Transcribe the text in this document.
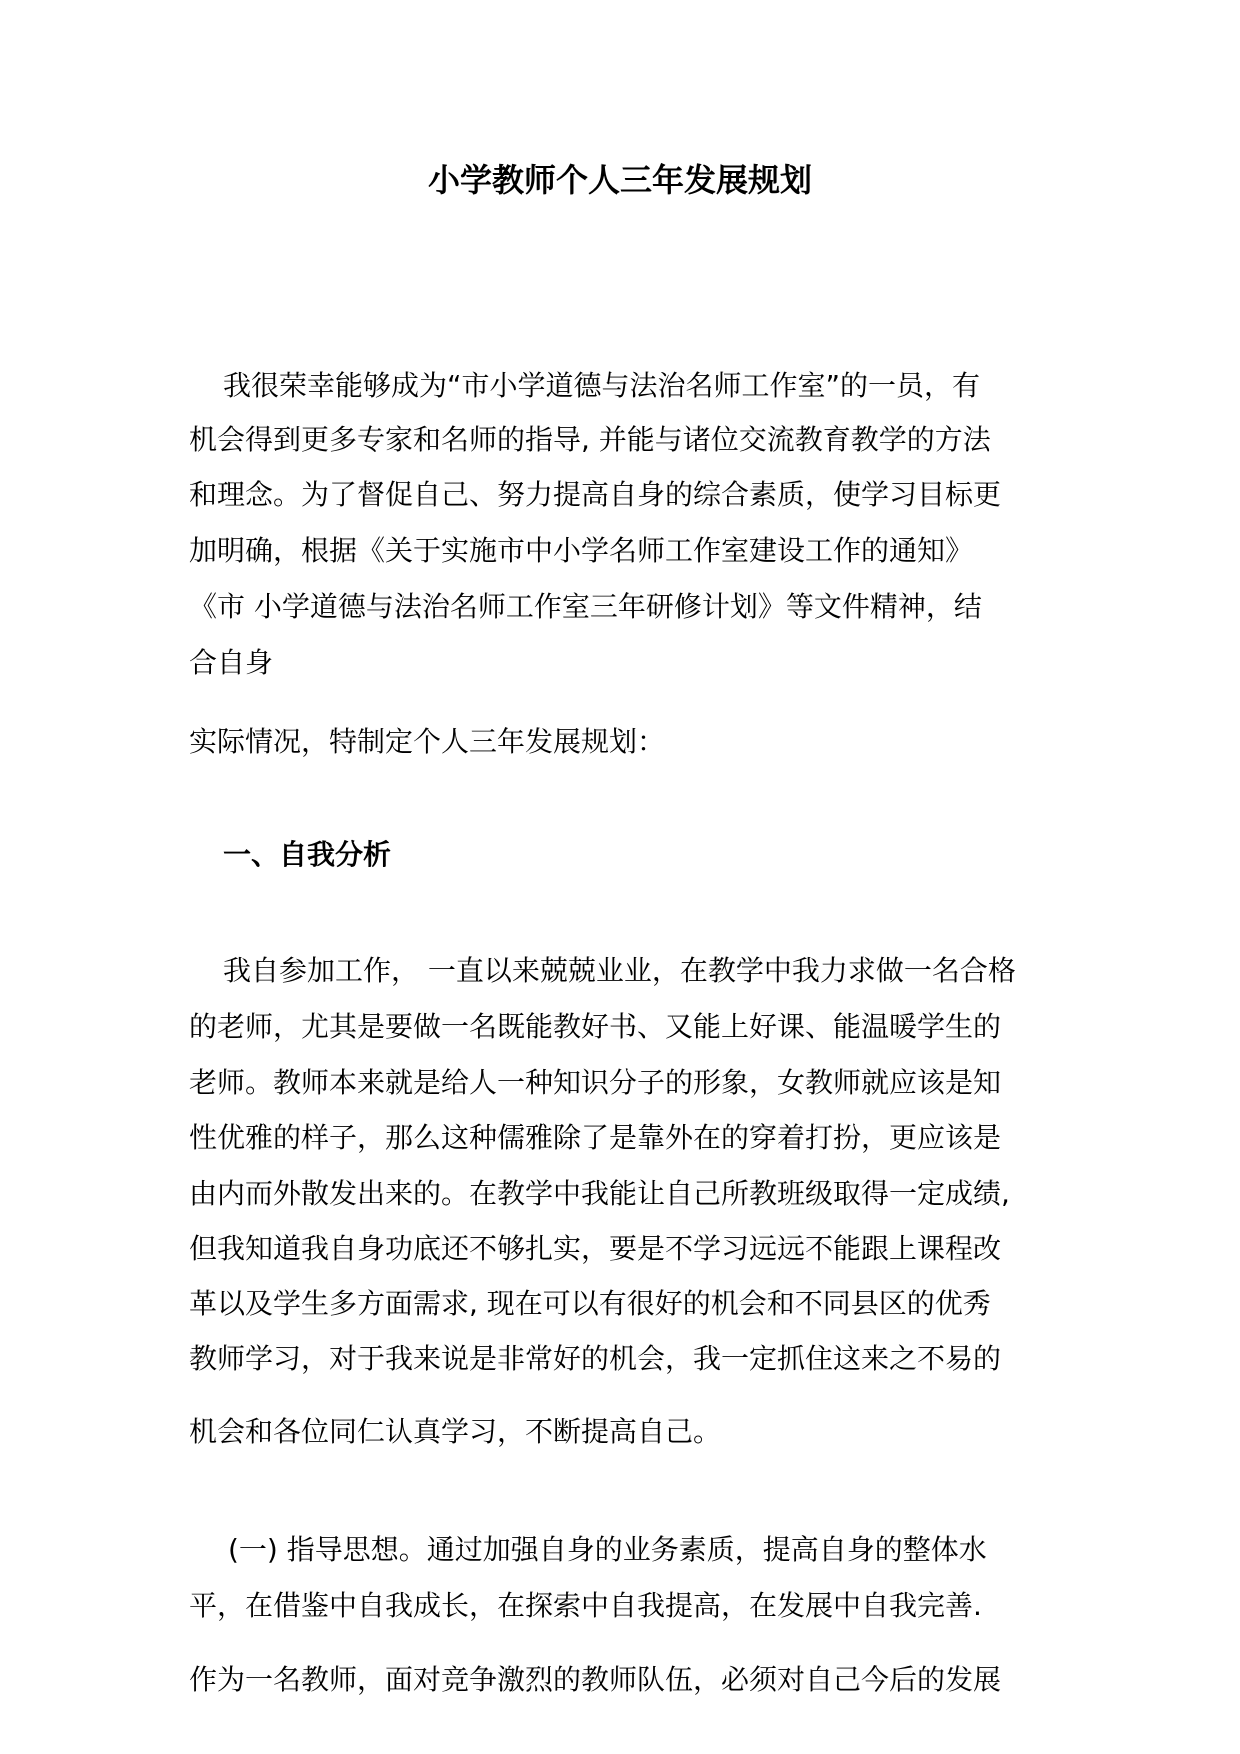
小学教师个人三年发展规划
我很荣幸能够成为“市小学道德与法治名师工作室”的一员，有
机会得到更多专家和名师的指导, 并能与诸位交流教育教学的方法
和理念。为了督促自己、努力提高自身的综合素质，使学习目标更
加明确，根据《关于实施市中小学名师工作室建设工作的通知》
《市 小学道德与法治名师工作室三年研修计划》等文件精神，结
合自身
实际情况，特制定个人三年发展规划：
一、自我分析
我自参加工作， 一直以来兢兢业业，在教学中我力求做一名合格
的老师，尤其是要做一名既能教好书、又能上好课、能温暖学生的
老师。教师本来就是给人一种知识分子的形象，女教师就应该是知
性优雅的样子，那么这种儒雅除了是靠外在的穿着打扮，更应该是
由内而外散发出来的。在教学中我能让自己所教班级取得一定成绩,
但我知道我自身功底还不够扎实，要是不学习远远不能跟上课程改
革以及学生多方面需求, 现在可以有很好的机会和不同县区的优秀
教师学习，对于我来说是非常好的机会，我一定抓住这来之不易的
机会和各位同仁认真学习，不断提高自己。
(一) 指导思想。通过加强自身的业务素质，提高自身的整体水
平，在借鉴中自我成长，在探索中自我提高，在发展中自我完善.
作为一名教师，面对竞争激烈的教师队伍，必须对自己今后的发展
